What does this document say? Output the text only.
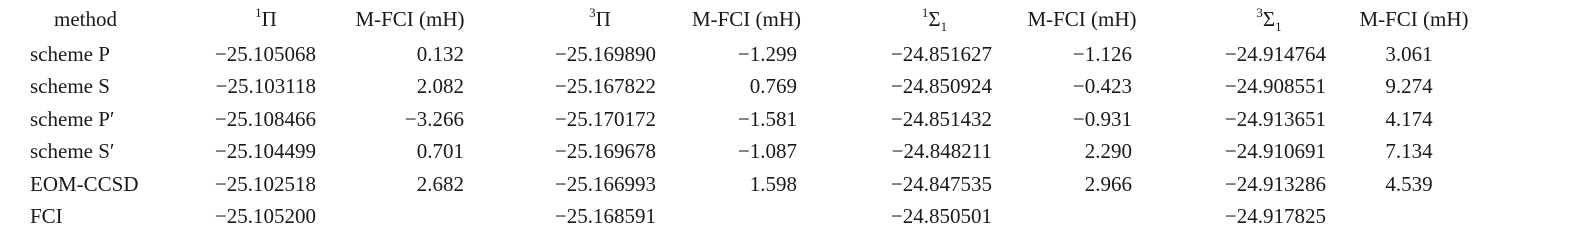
method	$^1$Π	M-FCI (mH)	$^3$Π	M-FCI (mH)	$^1\Sigma_1$	M-FCI (mH)	$^3\Sigma_1$	M-FCI (mH)
scheme P	−25.105068	0.132	−25.169890	−1.299	−24.851627	−1.126	−24.914764	3.061
scheme S	−25.103118	2.082	−25.167822	0.769	−24.850924	−0.423	−24.908551	9.274
scheme P′	−25.108466	−3.266	−25.170172	−1.581	−24.851432	−0.931	−24.913651	4.174
scheme S′	−25.104499	0.701	−25.169678	−1.087	−24.848211	2.290	−24.910691	7.134
EOM-CCSD	−25.102518	2.682	−25.166993	1.598	−24.847535	2.966	−24.913286	4.539
FCI	−25.105200		−25.168591		−24.850501		−24.917825	
